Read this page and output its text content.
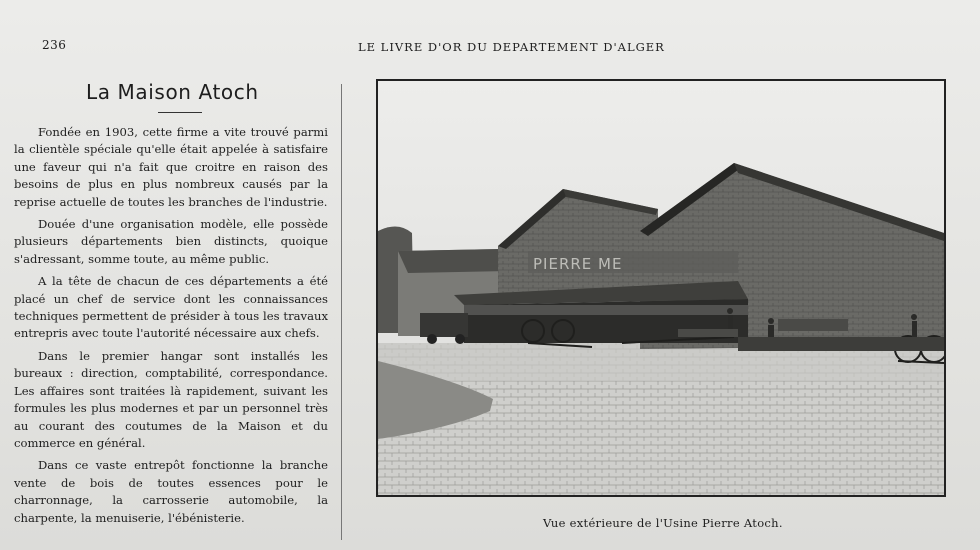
236	LE LIVRE D'OR DU DEPARTEMENT D'ALGER
La Maison Atoch

Fondée en 1903, cette firme a vite trouvé parmi la clientèle spéciale qu'elle était appelée à satisfaire une faveur qui n'a fait que croitre en raison des besoins de plus en plus nombreux causés par la reprise actuelle de toutes les branches de l'industrie.

Douée d'une organisation modèle, elle possède plusieurs départements bien distincts, quoique s'adressant, somme toute, au même public.

A la tête de chacun de ces départements a été placé un chef de service dont les connaissances techniques permettent de présider à tous les travaux entrepris avec toute l'autorité nécessaire aux chefs.

Dans le premier hangar sont installés les bureaux : direction, comptabilité, correspondance. Les affaires sont traitées là rapidement, suivant les formules les plus modernes et par un personnel très au courant des coutumes de la Maison et du commerce en général.

Dans ce vaste entrepôt fonctionne la branche vente de bois de toutes essences pour le charronnage, la carrosserie automobile, la charpente, la menuiserie, l'ébénisterie.

PIERRE ME
Vue extérieure de l'Usine Pierre Atoch.
